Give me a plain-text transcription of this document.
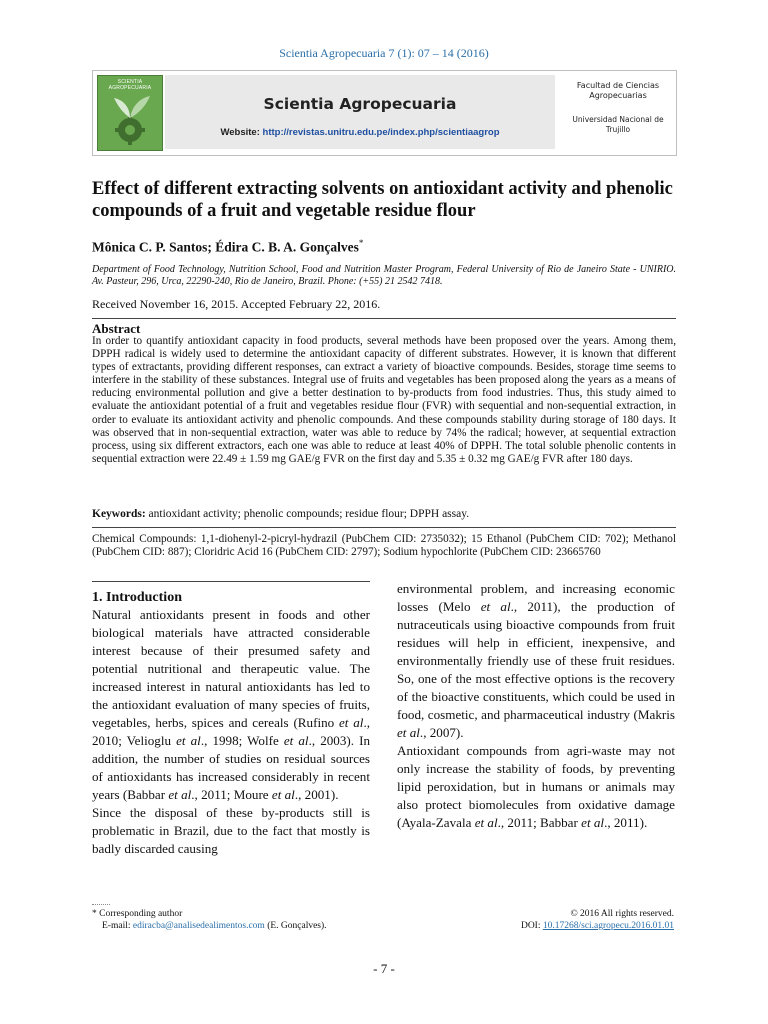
Scientia Agropecuaria 7 (1): 07 – 14 (2016)
SCIENTIA AGROPECUARIA
Scientia Agropecuaria
Website: http://revistas.unitru.edu.pe/index.php/scientiaagrop
Facultad de Ciencias Agropecuarias
Universidad Nacional de Trujillo
Effect of different extracting solvents on antioxidant activity and phenolic compounds of a fruit and vegetable residue flour
Mônica C. P. Santos; Édira C. B. A. Gonçalves*
Department of Food Technology, Nutrition School, Food and Nutrition Master Program, Federal University of Rio de Janeiro State - UNIRIO. Av. Pasteur, 296, Urca, 22290-240, Rio de Janeiro, Brazil. Phone: (+55) 21 2542 7418.
Received November 16, 2015. Accepted February 22, 2016.
Abstract
In order to quantify antioxidant capacity in food products, several methods have been proposed over the years. Among them, DPPH radical is widely used to determine the antioxidant capacity of different substrates. However, it is known that different types of extractants, providing different responses, can extract a variety of bioactive compounds. Besides, storage time seems to interfere in the stability of these substances. Integral use of fruits and vegetables has been proposed along the years as a means of reducing environmental pollution and give a better destination to by-products from food industries. Thus, this study aimed to evaluate the antioxidant potential of a fruit and vegetables residue flour (FVR) with sequential and non-sequential extraction, in order to evaluate its antioxidant activity and phenolic compounds. And these compounds stability during storage of 180 days. It was observed that in non-sequential extraction, water was able to reduce by 74% the radical; however, at sequential extraction process, using six different extractors, each one was able to reduce at least 40% of DPPH. The total soluble phenolic contents in sequential extraction were 22.49 ± 1.59 mg GAE/g FVR on the first day and 5.35 ± 0.32 mg GAE/g FVR after 180 days.
Keywords: antioxidant activity; phenolic compounds; residue flour; DPPH assay.
Chemical Compounds: 1,1-diohenyl-2-picryl-hydrazil (PubChem CID: 2735032); 15 Ethanol (PubChem CID: 702); Methanol (PubChem CID: 887); Cloridric Acid 16 (PubChem CID: 2797); Sodium hypochlorite (PubChem CID: 23665760
1. Introduction
Natural antioxidants present in foods and other biological materials have attracted considerable interest because of their presumed safety and potential nutritional and therapeutic value. The increased interest in natural antioxidants has led to the antioxidant evaluation of many species of fruits, vegetables, herbs, spices and cereals (Rufino et al., 2010; Velioglu et al., 1998; Wolfe et al., 2003). In addition, the number of studies on residual sources of antioxidants has increased considerably in recent years (Babbar et al., 2011; Moure et al., 2001).
Since the disposal of these by-products still is problematic in Brazil, due to the fact that mostly is badly discarded causing
environmental problem, and increasing economic losses (Melo et al., 2011), the production of nutraceuticals using bioactive compounds from fruit residues will help in efficient, inexpensive, and environmentally friendly use of these fruit residues. So, one of the most effective options is the recovery of the bioactive constituents, which could be used in food, cosmetic, and pharmaceutical industry (Makris et al., 2007).
Antioxidant compounds from agri-waste may not only increase the stability of foods, by preventing lipid peroxidation, but in humans or animals may also protect biomolecules from oxidative damage (Ayala-Zavala et al., 2011; Babbar et al., 2011).
* Corresponding author
E-mail: ediracba@analisedealimentos.com (E. Gonçalves).
© 2016 All rights reserved.
DOI: 10.17268/sci.agropecu.2016.01.01
- 7 -
